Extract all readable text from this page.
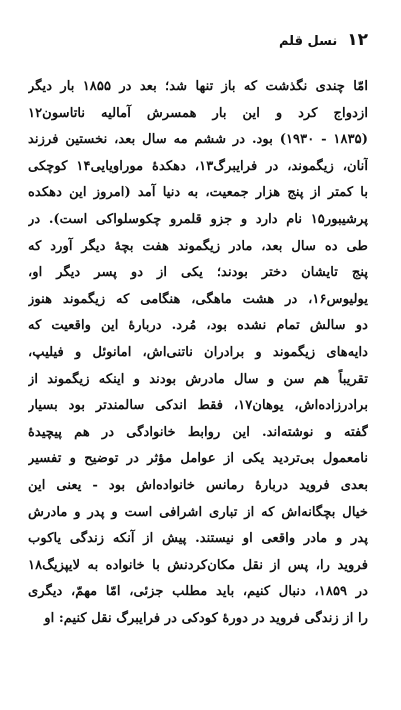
۱۲
نسل قلم
امّا چندی نگذشت که باز تنها شد؛ بعد در ۱۸۵۵ بار دیگر
ازدواج کرد و این بار همسرش آمالیه ناتاسون۱۲
(۱۸۳۵ - ۱۹۳۰) بود. در ششم مه سال بعد، نخستین فرزند
آنان، زیگموند، در فرایبرگ۱۳، دهکدهٔ موراویایی۱۴ کوچکی
با کمتر از پنج هزار جمعیت، به دنیا آمد (امروز این دهکده
پرشیبور۱۵ نام دارد و جزو قلمرو چکوسلواکی است). در
طی ده سال بعد، مادر زیگموند هفت بچهٔ دیگر آورد که
پنج تایشان دختر بودند؛ یکی از دو پسر دیگر او،
یولیوس۱۶، در هشت ماهگی، هنگامی که زیگموند هنوز
دو سالش تمام نشده بود، مُرد. دربارهٔ این واقعیت که
دایه‌های زیگموند و برادران ناتنی‌اش، امانوئل و فیلیپ،
تقریباً هم سن و سال مادرش بودند و اینکه زیگموند از
برادرزاده‌اش، یوهان۱۷، فقط اندکی سالمندتر بود بسیار
گفته و نوشته‌اند. این روابط خانوادگی در هم پیچیدهٔ
نامعمول بی‌تردید یکی از عوامل مؤثر در توضیح و تفسیر
بعدی فروید دربارهٔ رمانس خانواده‌اش بود - یعنی این
خیال بچگانه‌اش که از تباری اشرافی است و پدر و مادرش
پدر و مادر واقعی او نیستند. پیش از آنکه زندگی یاکوب
فروید را، پس از نقل مکان‌کردنش با خانواده به لایپزیگ۱۸
در ۱۸۵۹، دنبال کنیم، باید مطلب جزئی، امّا مهمّ، دیگری
را از زندگی فروید در دورهٔ کودکی در فرایبرگ نقل کنیم: او
